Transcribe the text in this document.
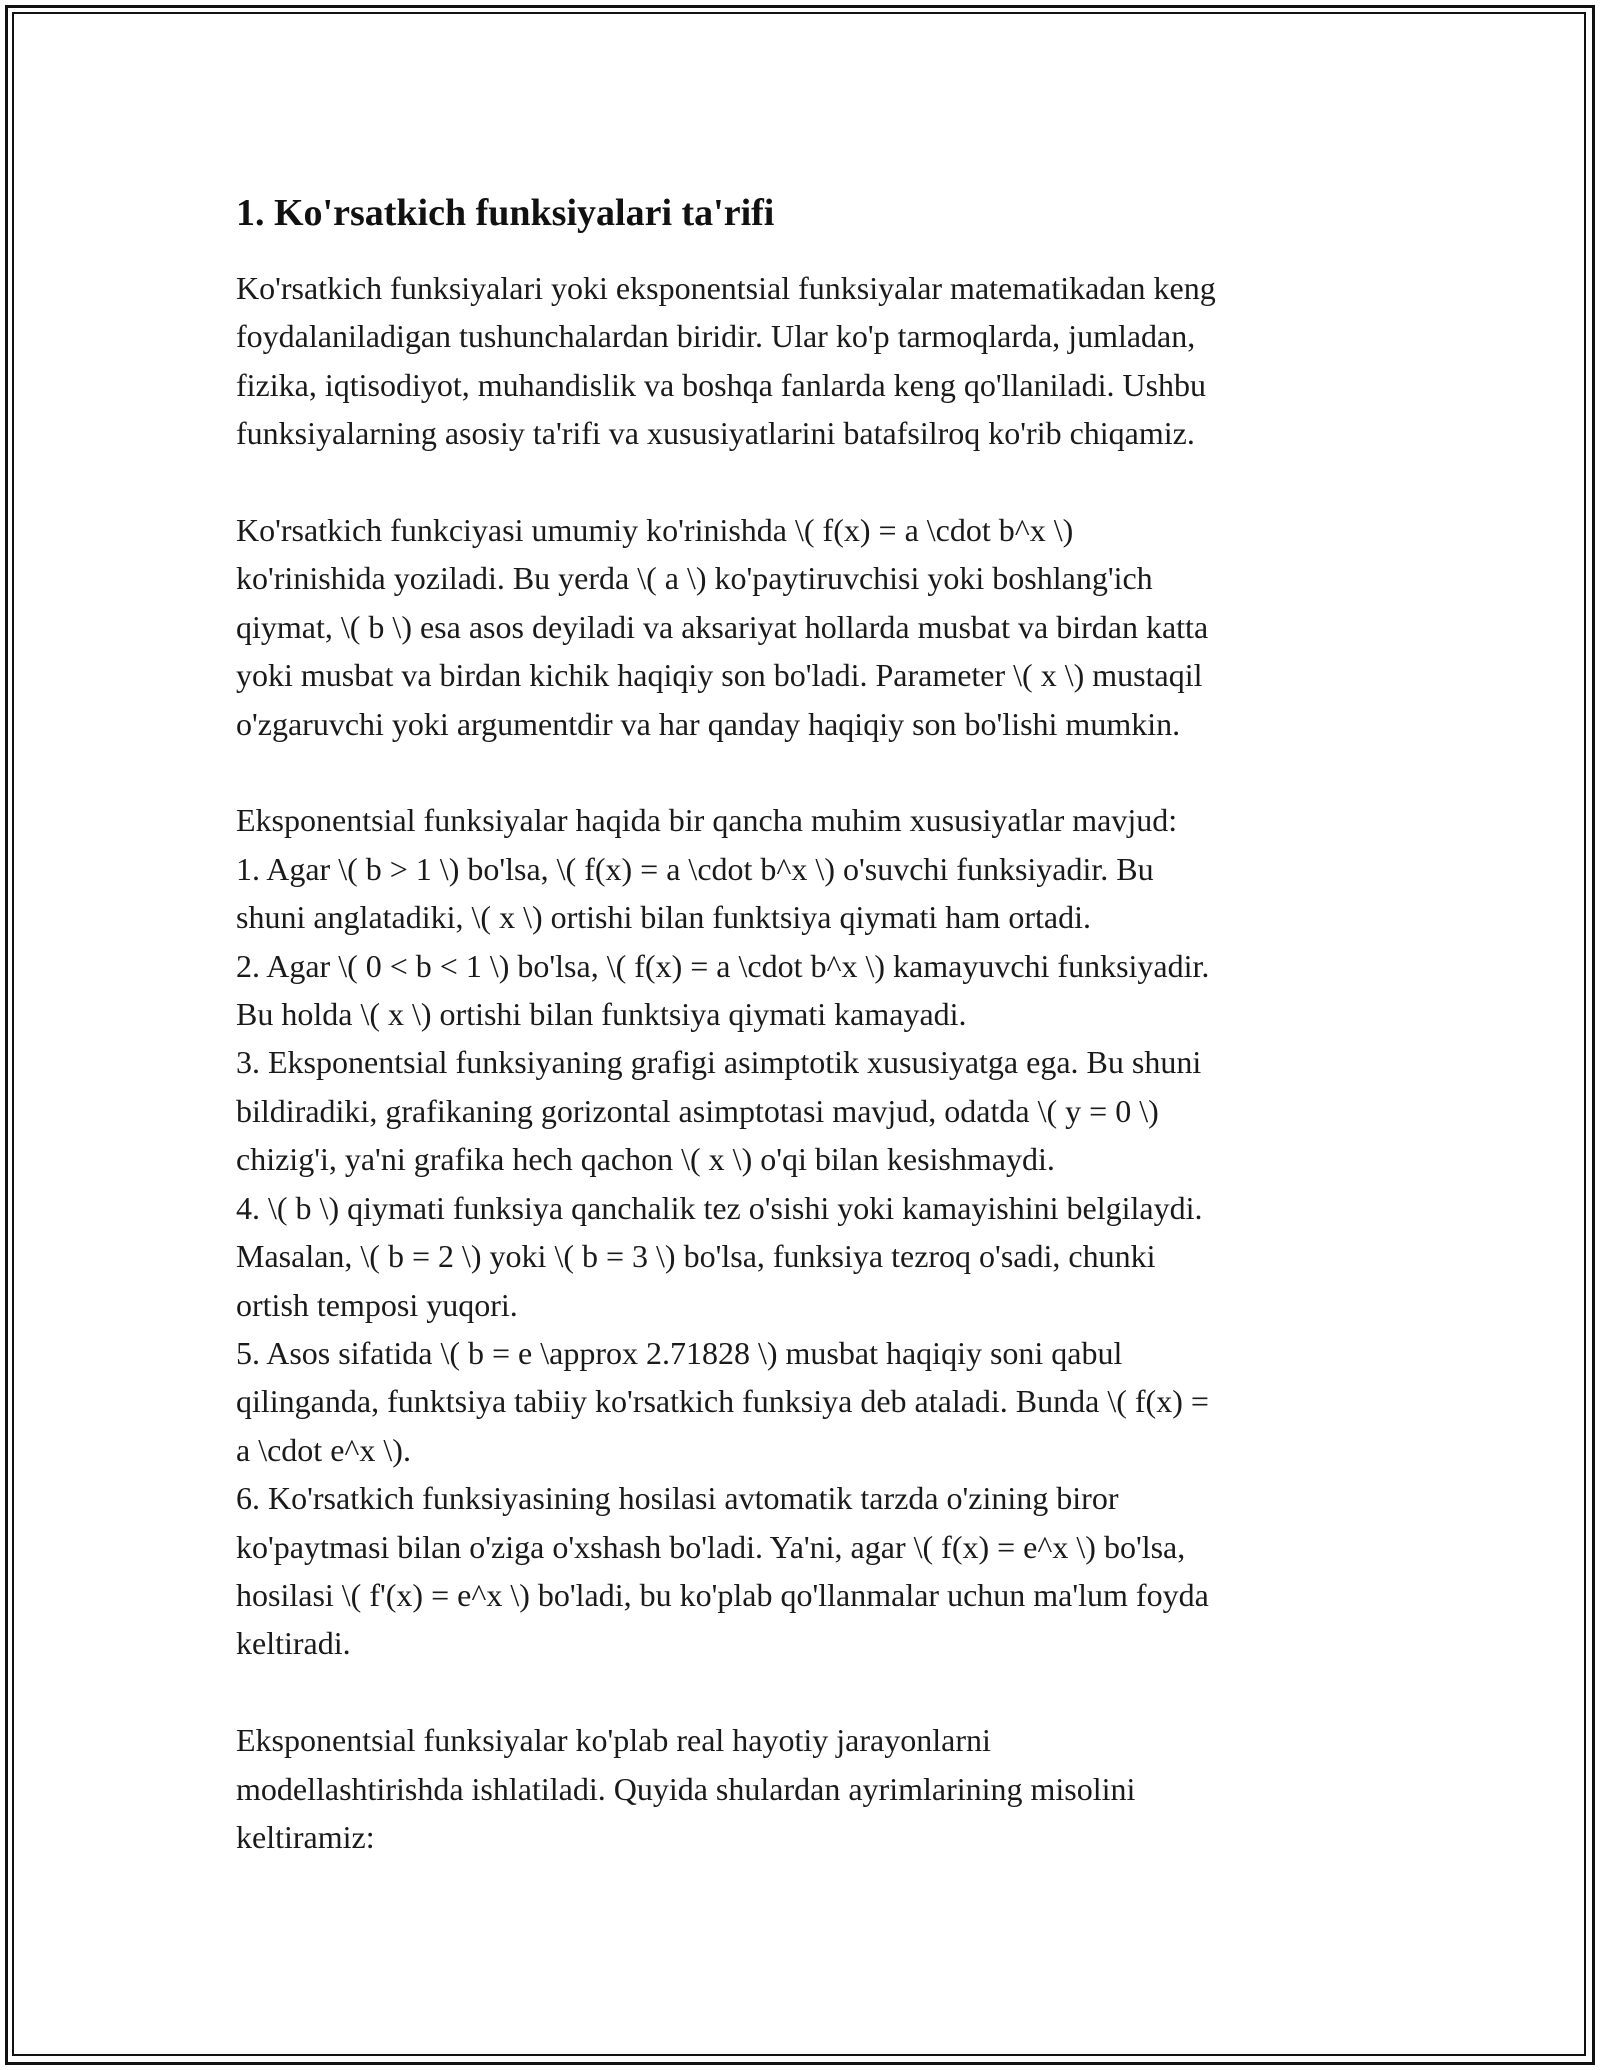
1. Ko'rsatkich funksiyalari ta'rifi

Ko'rsatkich funksiyalari yoki eksponentsial funksiyalar matematikadan keng
foydalaniladigan tushunchalardan biridir. Ular ko'p tarmoqlarda, jumladan,
fizika, iqtisodiyot, muhandislik va boshqa fanlarda keng qo'llaniladi. Ushbu
funksiyalarning asosiy ta'rifi va xususiyatlarini batafsilroq ko'rib chiqamiz.

Ko'rsatkich funkciyasi umumiy ko'rinishda \( f(x) = a \cdot b^x \)
ko'rinishida yoziladi. Bu yerda \( a \) ko'paytiruvchisi yoki boshlang'ich
qiymat, \( b \) esa asos deyiladi va aksariyat hollarda musbat va birdan katta
yoki musbat va birdan kichik haqiqiy son bo'ladi. Parameter \( x \) mustaqil
o'zgaruvchi yoki argumentdir va har qanday haqiqiy son bo'lishi mumkin.

Eksponentsial funksiyalar haqida bir qancha muhim xususiyatlar mavjud:
1. Agar \( b > 1 \) bo'lsa, \( f(x) = a \cdot b^x \) o'suvchi funksiyadir. Bu
shuni anglatadiki, \( x \) ortishi bilan funktsiya qiymati ham ortadi.
2. Agar \( 0 < b < 1 \) bo'lsa, \( f(x) = a \cdot b^x \) kamayuvchi funksiyadir.
Bu holda \( x \) ortishi bilan funktsiya qiymati kamayadi.
3. Eksponentsial funksiyaning grafigi asimptotik xususiyatga ega. Bu shuni
bildiradiki, grafikaning gorizontal asimptotasi mavjud, odatda \( y = 0 \)
chizig'i, ya'ni grafika hech qachon \( x \) o'qi bilan kesishmaydi.
4. \( b \) qiymati funksiya qanchalik tez o'sishi yoki kamayishini belgilaydi.
Masalan, \( b = 2 \) yoki \( b = 3 \) bo'lsa, funksiya tezroq o'sadi, chunki
ortish temposi yuqori.
5. Asos sifatida \( b = e \approx 2.71828 \) musbat haqiqiy soni qabul
qilinganda, funktsiya tabiiy ko'rsatkich funksiya deb ataladi. Bunda \( f(x) =
a \cdot e^x \).
6. Ko'rsatkich funksiyasining hosilasi avtomatik tarzda o'zining biror
ko'paytmasi bilan o'ziga o'xshash bo'ladi. Ya'ni, agar \( f(x) = e^x \) bo'lsa,
hosilasi \( f'(x) = e^x \) bo'ladi, bu ko'plab qo'llanmalar uchun ma'lum foyda
keltiradi.

Eksponentsial funksiyalar ko'plab real hayotiy jarayonlarni
modellashtirishda ishlatiladi. Quyida shulardan ayrimlarining misolini
keltiramiz:
